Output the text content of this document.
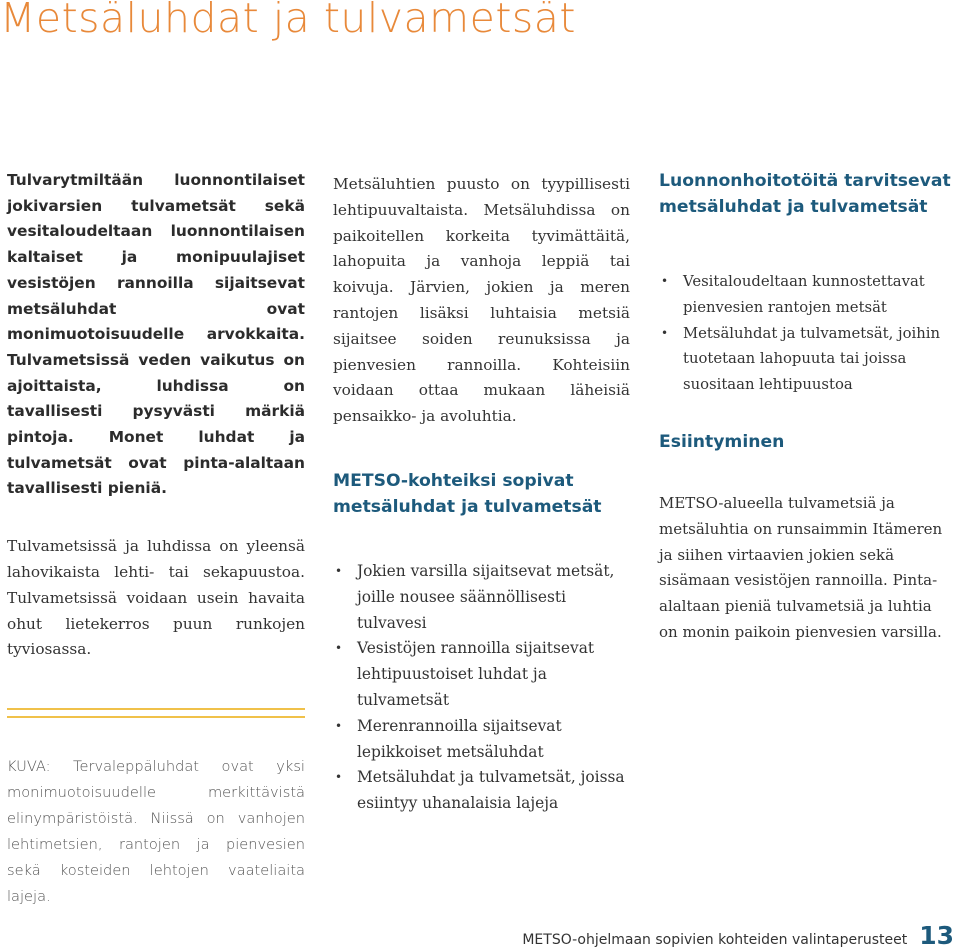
Metsäluhdat ja tulvametsät

Tulvarytmiltään luonnontilaiset jokivarsien tulvametsät sekä vesitaloudeltaan luonnontilaisen kaltaiset ja monipuulajiset vesistöjen rannoilla sijaitsevat metsäluhdat ovat monimuotoisuudelle arvokkaita. Tulvametsissä veden vaikutus on ajoittaista, luhdissa on tavallisesti pysyvästi märkiä pintoja. Monet luhdat ja tulvametsät ovat pinta-alaltaan tavallisesti pieniä.

Tulvametsissä ja luhdissa on yleensä lahovikaista lehti- tai sekapuustoa. Tulvametsissä voidaan usein havaita ohut lietekerros puun runkojen tyviosassa.

KUVA: Tervaleppäluhdat ovat yksi monimuotoisuudelle merkittävistä elinympäristöistä. Niissä on vanhojen lehtimetsien, rantojen ja pienvesien sekä kosteiden lehtojen vaateliaita lajeja.

Metsäluhtien puusto on tyypillisesti lehtipuuvaltaista. Metsäluhdissa on paikoitellen korkeita tyvimättäitä, lahopuita ja vanhoja leppiä tai koivuja. Järvien, jokien ja meren rantojen lisäksi luhtaisia metsiä sijaitsee soiden reunuksissa ja pienvesien rannoilla. Kohteisiin voidaan ottaa mukaan läheisiä pensaikko- ja avoluhtia.

METSO-kohteiksi sopivat metsäluhdat ja tulvametsät
• Jokien varsilla sijaitsevat metsät, joille nousee säännöllisesti tulvavesi
• Vesistöjen rannoilla sijaitsevat lehtipuustoiset luhdat ja tulvametsät
• Merenrannoilla sijaitsevat lepikkoiset metsäluhdat
• Metsäluhdat ja tulvametsät, joissa esiintyy uhanalaisia lajeja
Luonnonhoitotöitä tarvitsevat metsäluhdat ja tulvametsät
• Vesitaloudeltaan kunnostettavat pienvesien rantojen metsät
• Metsäluhdat ja tulvametsät, joihin tuotetaan lahopuuta tai joissa suositaan lehtipuustoa
Esiintyminen

METSO-alueella tulvametsiä ja metsäluhtia on runsaimmin Itämeren ja siihen virtaavien jokien sekä sisämaan vesistöjen rannoilla. Pinta-alaltaan pieniä tulvametsiä ja luhtia on monin paikoin pienvesien varsilla.

METSO-ohjelmaan sopivien kohteiden valintaperusteet 13
